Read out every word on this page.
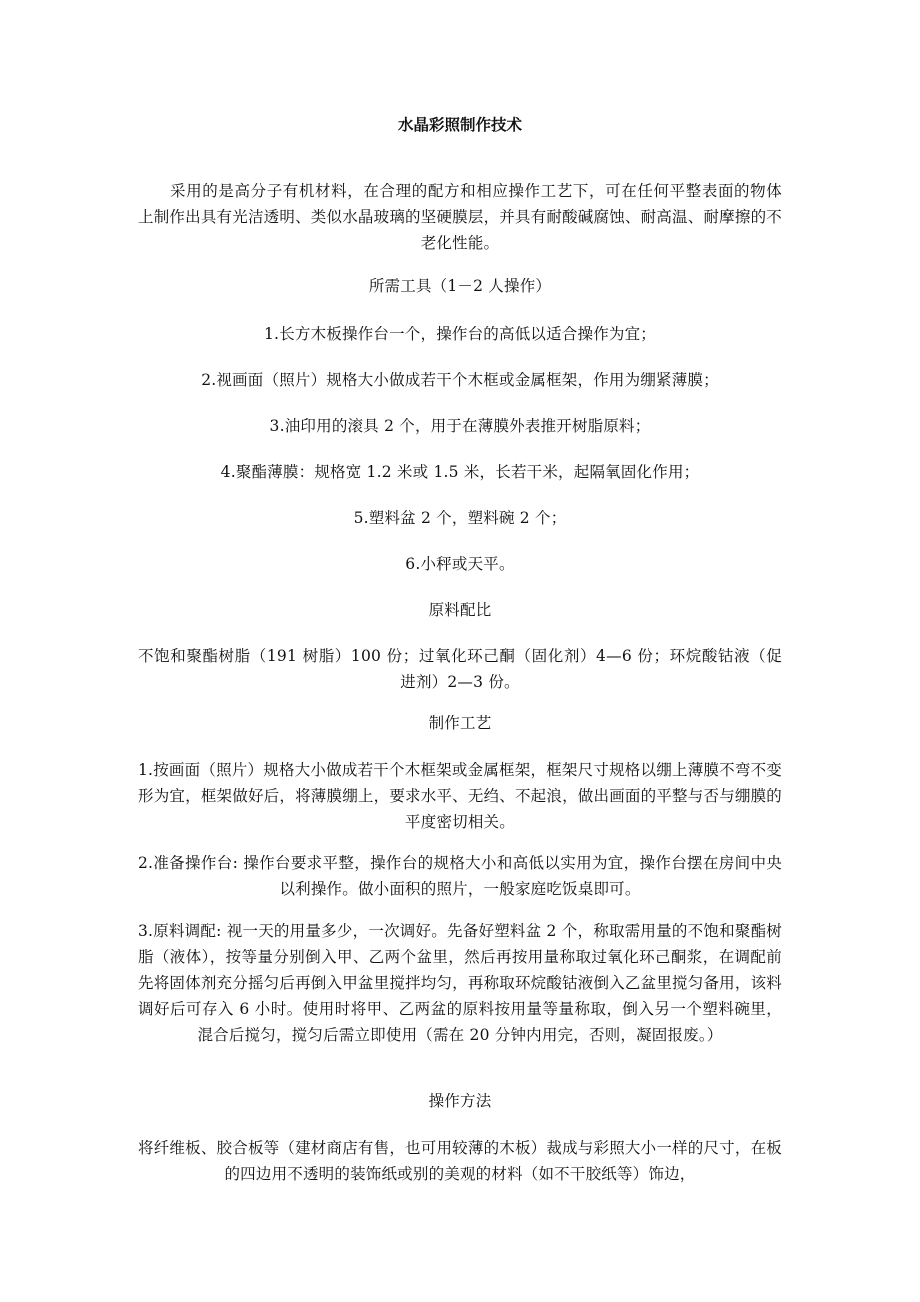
水晶彩照制作技术

采用的是高分子有机材料，在合理的配方和相应操作工艺下，可在任何平整表面的物体上制作出具有光洁透明、类似水晶玻璃的坚硬膜层，并具有耐酸碱腐蚀、耐高温、耐摩擦的不老化性能。

所需工具（1－2 人操作）

1.长方木板操作台一个，操作台的高低以适合操作为宜；

2.视画面（照片）规格大小做成若干个木框或金属框架，作用为绷紧薄膜；

3.油印用的滚具 2 个，用于在薄膜外表推开树脂原料；

4.聚酯薄膜：规格宽 1.2 米或 1.5 米，长若干米，起隔氧固化作用；

5.塑料盆 2 个，塑料碗 2 个；

6.小秤或天平。

原料配比

不饱和聚酯树脂（191 树脂）100 份；过氧化环己酮（固化剂）4—6 份；环烷酸钴液（促进剂）2—3 份。

制作工艺

1.按画面（照片）规格大小做成若干个木框架或金属框架，框架尺寸规格以绷上薄膜不弯不变形为宜，框架做好后，将薄膜绷上，要求水平、无绉、不起浪，做出画面的平整与否与绷膜的平度密切相关。

2.准备操作台: 操作台要求平整，操作台的规格大小和高低以实用为宜，操作台摆在房间中央以利操作。做小面积的照片，一般家庭吃饭桌即可。

3.原料调配: 视一天的用量多少，一次调好。先备好塑料盆 2 个，称取需用量的不饱和聚酯树脂（液体），按等量分别倒入甲、乙两个盆里，然后再按用量称取过氧化环己酮浆，在调配前先将固体剂充分摇匀后再倒入甲盆里搅拌均匀，再称取环烷酸钴液倒入乙盆里搅匀备用，该料调好后可存入 6 小时。使用时将甲、乙两盆的原料按用量等量称取，倒入另一个塑料碗里，混合后搅匀，搅匀后需立即使用（需在 20 分钟内用完，否则，凝固报废。）

操作方法

将纤维板、胶合板等（建材商店有售，也可用较薄的木板）裁成与彩照大小一样的尺寸，在板的四边用不透明的装饰纸或别的美观的材料（如不干胶纸等）饰边，
